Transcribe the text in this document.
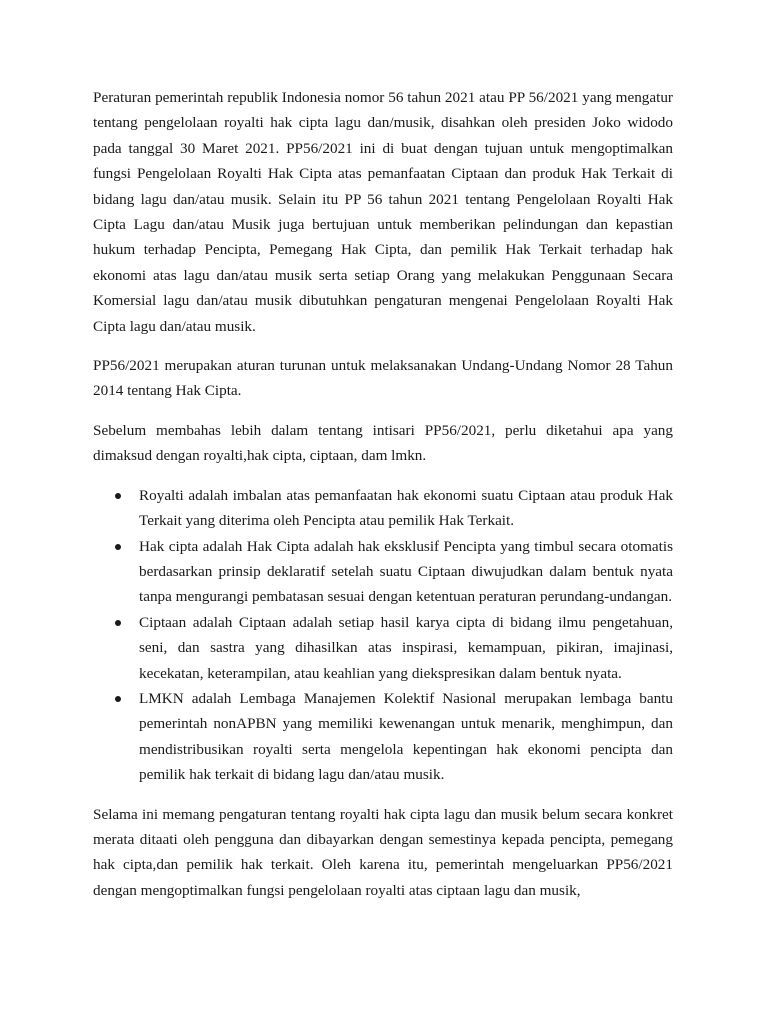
Peraturan pemerintah republik Indonesia nomor 56 tahun 2021 atau PP 56/2021 yang mengatur tentang pengelolaan royalti hak cipta lagu dan/musik, disahkan oleh presiden Joko widodo pada tanggal 30 Maret 2021. PP56/2021 ini di buat dengan tujuan untuk mengoptimalkan fungsi Pengelolaan Royalti Hak Cipta atas pemanfaatan Ciptaan dan produk Hak Terkait di bidang lagu dan/atau musik. Selain itu PP 56 tahun 2021 tentang Pengelolaan Royalti Hak Cipta Lagu dan/atau Musik juga bertujuan untuk memberikan pelindungan dan kepastian hukum terhadap Pencipta, Pemegang Hak Cipta, dan pemilik Hak Terkait terhadap hak ekonomi atas lagu dan/atau musik serta setiap Orang yang melakukan Penggunaan Secara Komersial lagu dan/atau musik dibutuhkan pengaturan mengenai Pengelolaan Royalti Hak Cipta lagu dan/atau musik.

PP56/2021 merupakan aturan turunan untuk melaksanakan Undang-Undang Nomor 28 Tahun 2014 tentang Hak Cipta.

Sebelum membahas lebih dalam tentang intisari PP56/2021, perlu diketahui apa yang dimaksud dengan royalti,hak cipta, ciptaan, dam lmkn.

Royalti adalah imbalan atas pemanfaatan hak ekonomi suatu Ciptaan atau produk Hak Terkait yang diterima oleh Pencipta atau pemilik Hak Terkait.
Hak cipta adalah Hak Cipta adalah hak eksklusif Pencipta yang timbul secara otomatis berdasarkan prinsip deklaratif setelah suatu Ciptaan diwujudkan dalam bentuk nyata tanpa mengurangi pembatasan sesuai dengan ketentuan peraturan perundang-undangan.
Ciptaan adalah Ciptaan adalah setiap hasil karya cipta di bidang ilmu pengetahuan, seni, dan sastra yang dihasilkan atas inspirasi, kemampuan, pikiran, imajinasi, kecekatan, keterampilan, atau keahlian yang diekspresikan dalam bentuk nyata.
LMKN adalah Lembaga Manajemen Kolektif Nasional merupakan lembaga bantu pemerintah nonAPBN yang memiliki kewenangan untuk menarik, menghimpun, dan mendistribusikan royalti serta mengelola kepentingan hak ekonomi pencipta dan pemilik hak terkait di bidang lagu dan/atau musik.

Selama ini memang pengaturan tentang royalti hak cipta lagu dan musik belum secara konkret merata ditaati oleh pengguna dan dibayarkan dengan semestinya kepada pencipta, pemegang hak cipta,dan pemilik hak terkait. Oleh karena itu, pemerintah mengeluarkan PP56/2021 dengan mengoptimalkan fungsi pengelolaan royalti atas ciptaan lagu dan musik,
